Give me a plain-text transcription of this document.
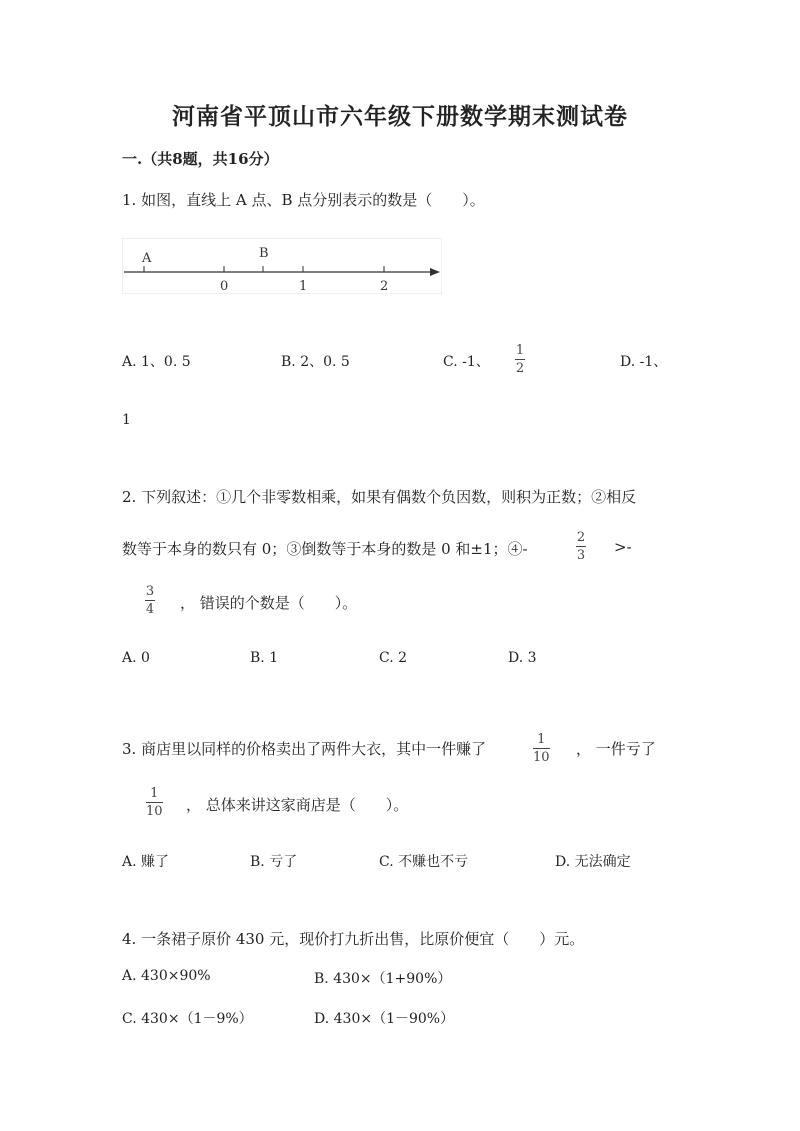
河南省平顶山市六年级下册数学期末测试卷
一.（共8题，共16分）
1. 如图，直线上 A 点、B 点分别表示的数是（　　）。
A	B
0	1	2
A. 1、0. 5	B. 2、0. 5	C. -1、
1
2	D. -1、
1
2. 下列叙述：①几个非零数相乘，如果有偶数个负因数，则积为正数；②相反
数等于本身的数只有 0；③倒数等于本身的数是 0 和±1；④-
2
3 >-
3
4 ， 错误的个数是（　　）。
A. 0	B. 1	C. 2	D. 3
3. 商店里以同样的价格卖出了两件大衣，其中一件赚了
1
10 ， 一件亏了
1
10 ， 总体来讲这家商店是（　　）。
A. 赚了	B. 亏了	C. 不赚也不亏	D. 无法确定
4. 一条裙子原价 430 元，现价打九折出售，比原价便宜（　　）元。
A. 430×90%	B. 430×（1+90%）
C. 430×（1－9%）	D. 430×（1－90%）
